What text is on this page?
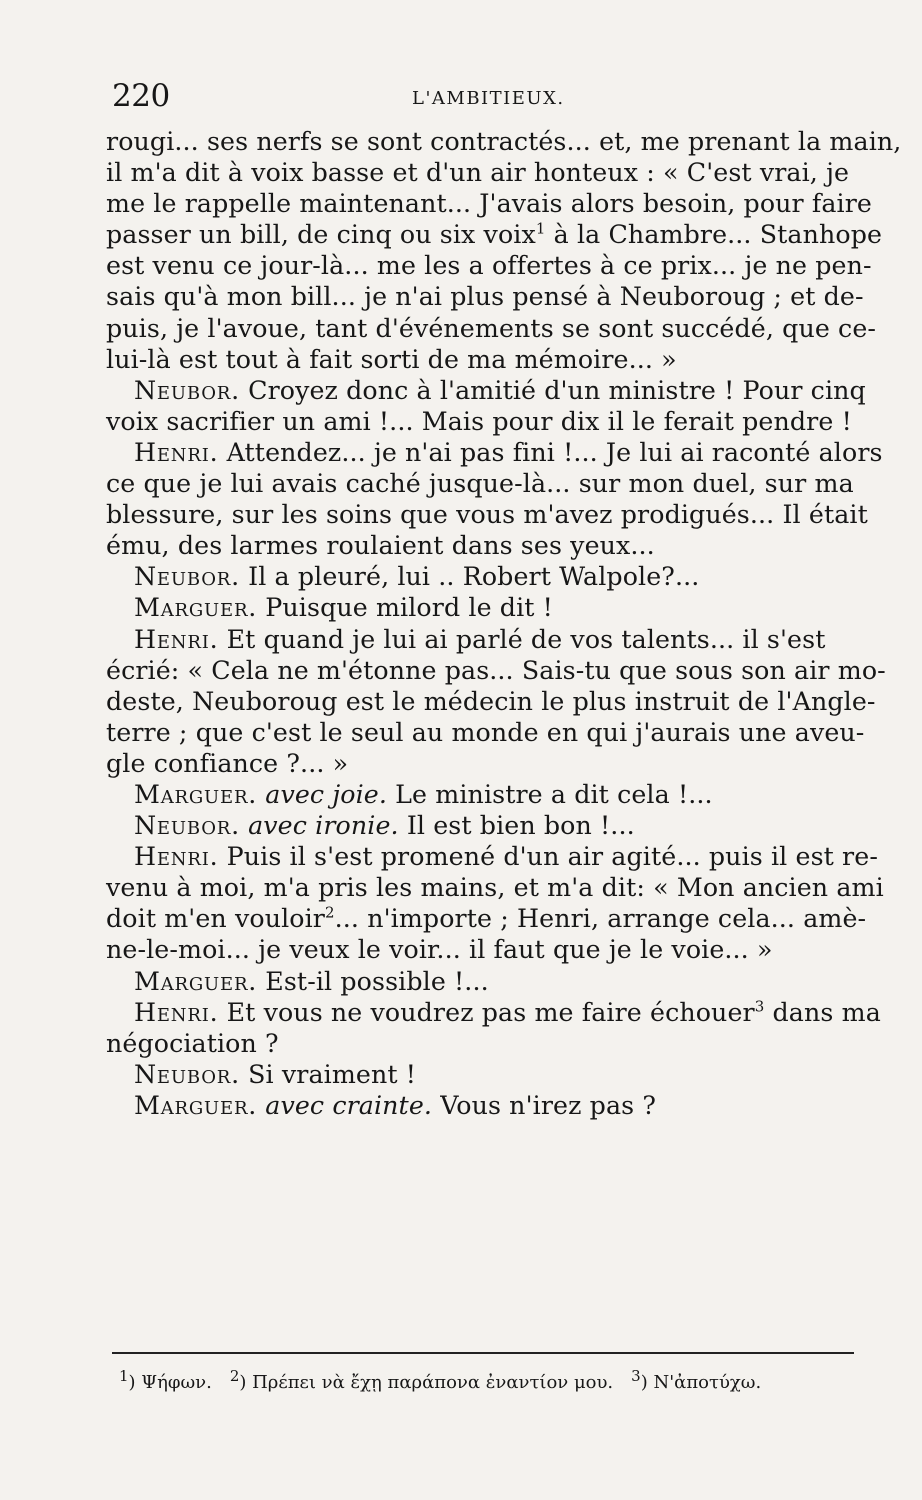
220	L'AMBITIEUX.
rougi... ses nerfs se sont contractés... et, me prenant la main,
il m'a dit à voix basse et d'un air honteux : « C'est vrai, je
me le rappelle maintenant... J'avais alors besoin, pour faire
passer un bill, de cinq ou six voix$^1$ à la Chambre... Stanhope
est venu ce jour-là... me les a offertes à ce prix... je ne pen-
sais qu'à mon bill... je n'ai plus pensé à Neuboroug ; et de-
puis, je l'avoue, tant d'événements se sont succédé, que ce-
lui-là est tout à fait sorti de ma mémoire... »
Neubor. Croyez donc à l'amitié d'un ministre ! Pour cinq
voix sacrifier un ami !... Mais pour dix il le ferait pendre !
Henri. Attendez... je n'ai pas fini !... Je lui ai raconté alors
ce que je lui avais caché jusque-là... sur mon duel, sur ma
blessure, sur les soins que vous m'avez prodigués... Il était
ému, des larmes roulaient dans ses yeux...
Neubor. Il a pleuré, lui .. Robert Walpole?...
Marguer. Puisque milord le dit !
Henri. Et quand je lui ai parlé de vos talents... il s'est
écrié: « Cela ne m'étonne pas... Sais-tu que sous son air mo-
deste, Neuboroug est le médecin le plus instruit de l'Angle-
terre ; que c'est le seul au monde en qui j'aurais une aveu-
gle confiance ?... »
Marguer. avec joie. Le ministre a dit cela !...
Neubor. avec ironie. Il est bien bon !...
Henri. Puis il s'est promené d'un air agité... puis il est re-
venu à moi, m'a pris les mains, et m'a dit: « Mon ancien ami
doit m'en vouloir$^2$... n'importe ; Henri, arrange cela... amè-
ne-le-moi... je veux le voir... il faut que je le voie... »
Marguer. Est-il possible !...
Henri. Et vous ne voudrez pas me faire échouer$^3$ dans ma
négociation ?
Neubor. Si vraiment !
Marguer. avec crainte. Vous n'irez pas ?
$^1$) Ψήφων. $^2$) Πρέπει νὰ ἔχῃ παράπονα ἐναντίον μου. $^3$) Ν'ἀποτύχω.
